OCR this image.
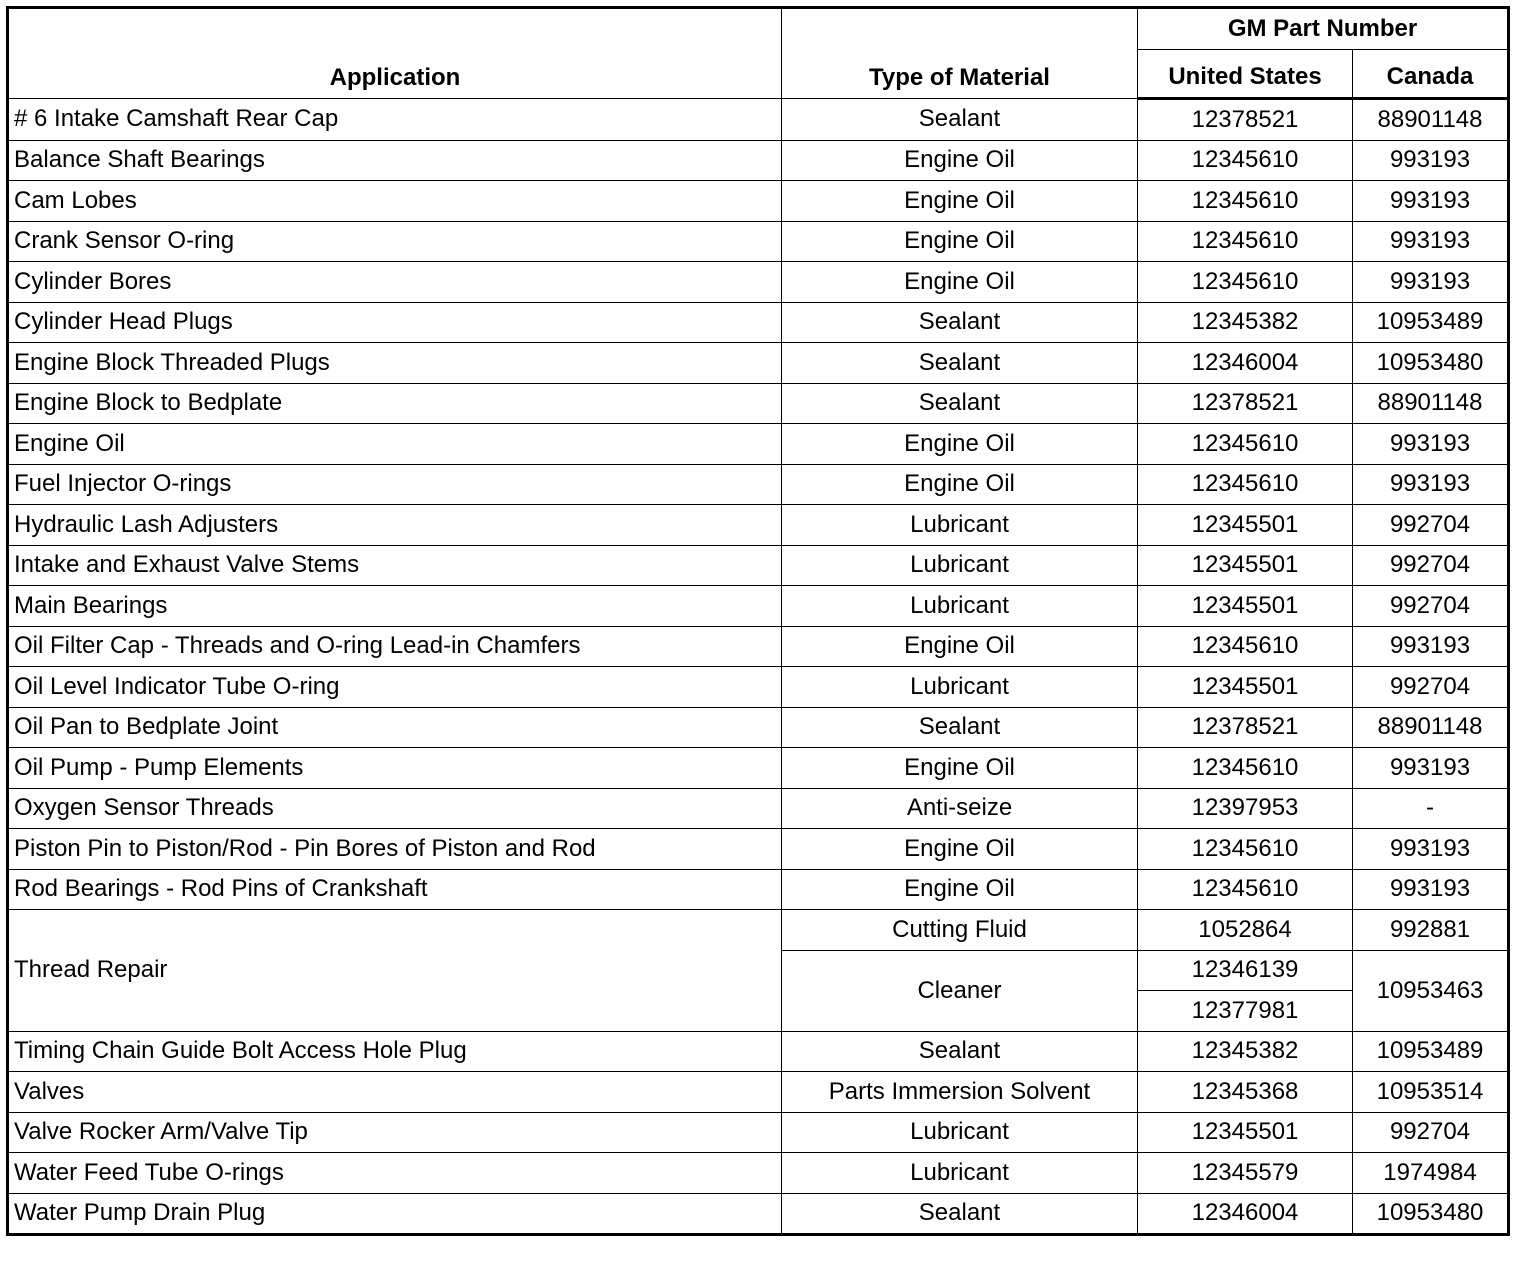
Application	Type of Material	GM Part Number	
		United States	Canada
# 6 Intake Camshaft Rear Cap	Sealant	12378521	88901148
Balance Shaft Bearings	Engine Oil	12345610	993193
Cam Lobes	Engine Oil	12345610	993193
Crank Sensor O-ring	Engine Oil	12345610	993193
Cylinder Bores	Engine Oil	12345610	993193
Cylinder Head Plugs	Sealant	12345382	10953489
Engine Block Threaded Plugs	Sealant	12346004	10953480
Engine Block to Bedplate	Sealant	12378521	88901148
Engine Oil	Engine Oil	12345610	993193
Fuel Injector O-rings	Engine Oil	12345610	993193
Hydraulic Lash Adjusters	Lubricant	12345501	992704
Intake and Exhaust Valve Stems	Lubricant	12345501	992704
Main Bearings	Lubricant	12345501	992704
Oil Filter Cap - Threads and O-ring Lead-in Chamfers	Engine Oil	12345610	993193
Oil Level Indicator Tube O-ring	Lubricant	12345501	992704
Oil Pan to Bedplate Joint	Sealant	12378521	88901148
Oil Pump - Pump Elements	Engine Oil	12345610	993193
Oxygen Sensor Threads	Anti-seize	12397953	-
Piston Pin to Piston/Rod - Pin Bores of Piston and Rod	Engine Oil	12345610	993193
Rod Bearings - Rod Pins of Crankshaft	Engine Oil	12345610	993193
Thread Repair	Cutting Fluid	1052864	992881
	Cleaner	12346139	10953463
		12377981	
Timing Chain Guide Bolt Access Hole Plug	Sealant	12345382	10953489
Valves	Parts Immersion Solvent	12345368	10953514
Valve Rocker Arm/Valve Tip	Lubricant	12345501	992704
Water Feed Tube O-rings	Lubricant	12345579	1974984
Water Pump Drain Plug	Sealant	12346004	10953480
